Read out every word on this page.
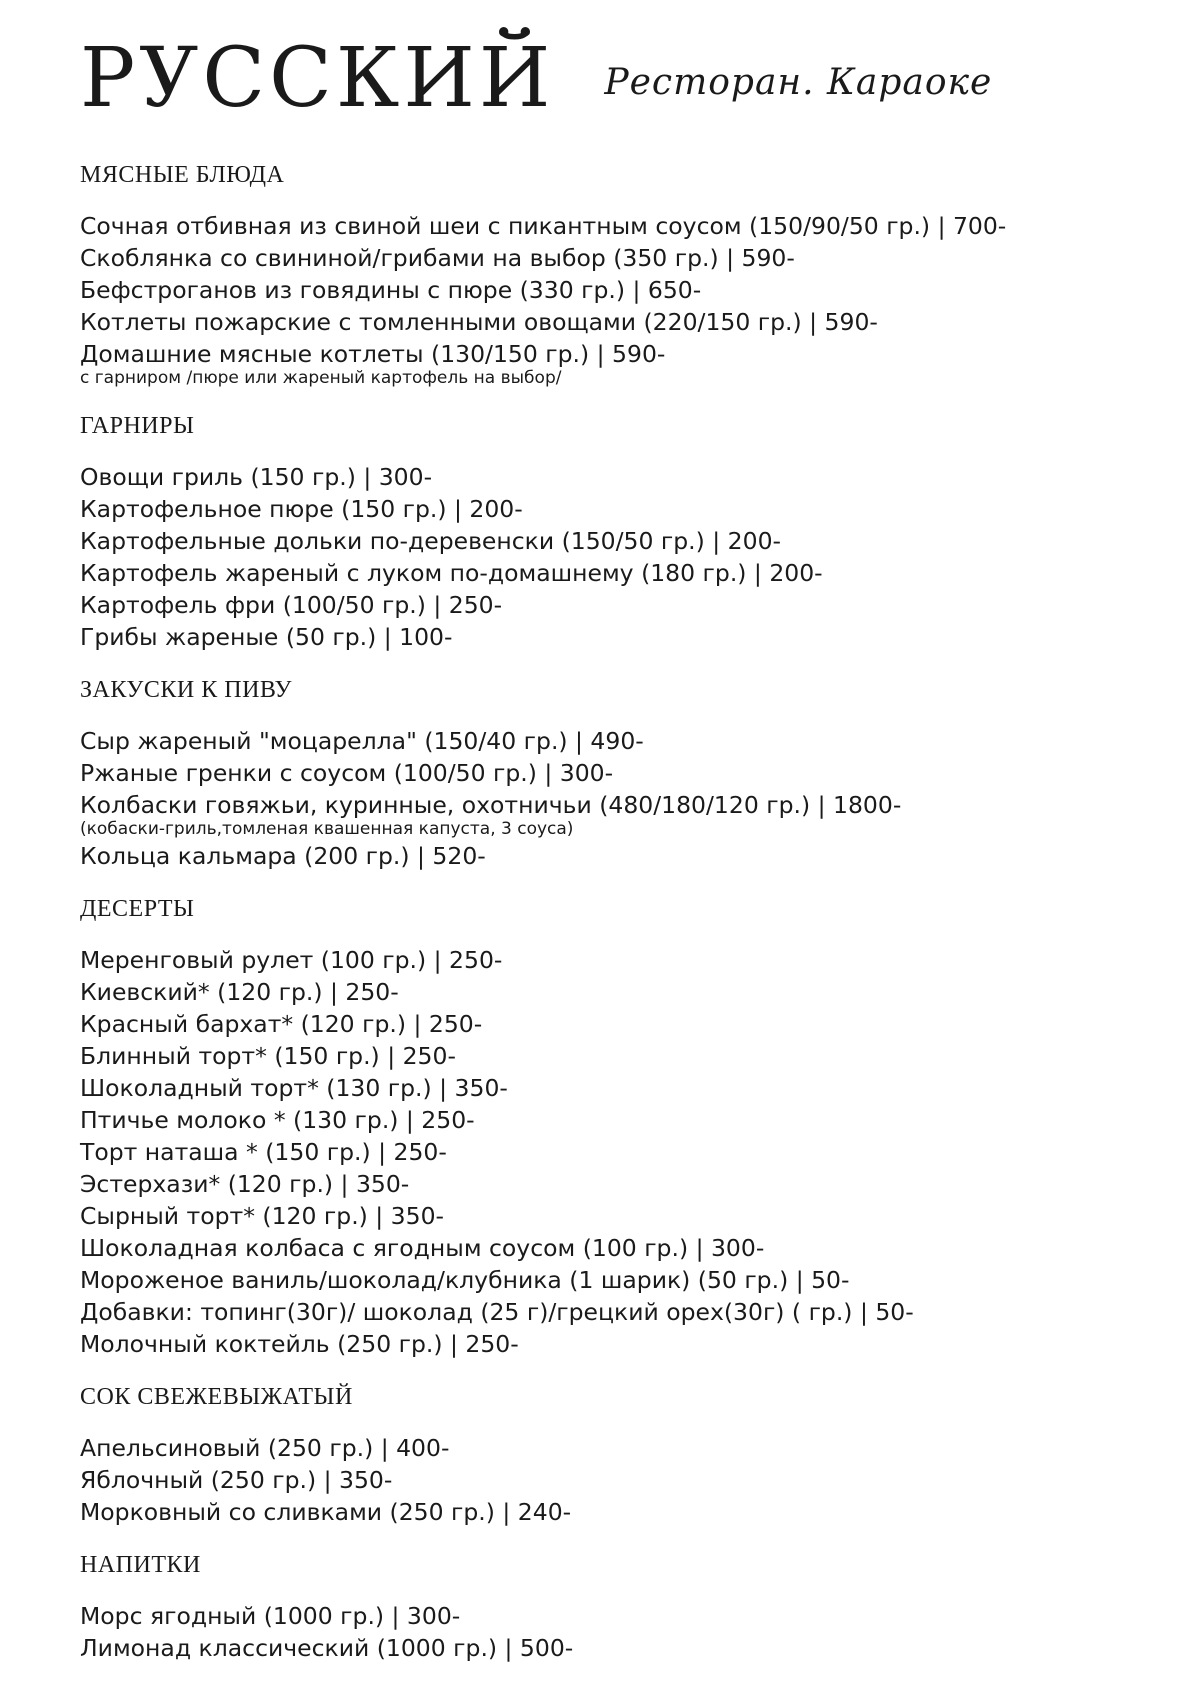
РУССКИЙ Ресторан. Караоке
МЯСНЫЕ БЛЮДА
Сочная отбивная из свиной шеи с пикантным соусом (150/90/50 гр.) | 700-
Скоблянка со свининой/грибами на выбор (350 гр.) | 590-
Бефстроганов из говядины с пюре (330 гр.) | 650-
Котлеты пожарские с томленными овощами (220/150 гр.) | 590-
Домашние мясные котлеты (130/150 гр.) | 590-
с гарниром /пюре или жареный картофель на выбор/
ГАРНИРЫ
Овощи гриль (150 гр.) | 300-
Картофельное пюре (150 гр.) | 200-
Картофельные дольки по-деревенски (150/50 гр.) | 200-
Картофель жареный с луком по-домашнему (180 гр.) | 200-
Картофель фри (100/50 гр.) | 250-
Грибы жареные (50 гр.) | 100-
ЗАКУСКИ К ПИВУ
Сыр жареный "моцарелла" (150/40 гр.) | 490-
Ржаные гренки с соусом (100/50 гр.) | 300-
Колбаски говяжьи, куринные, охотничьи (480/180/120 гр.) | 1800-
(кобаски-гриль,томленая квашенная капуста, 3 соуса)
Кольца кальмара (200 гр.) | 520-
ДЕСЕРТЫ
Меренговый рулет (100 гр.) | 250-
Киевский* (120 гр.) | 250-
Красный бархат* (120 гр.) | 250-
Блинный торт* (150 гр.) | 250-
Шоколадный торт* (130 гр.) | 350-
Птичье молоко * (130 гр.) | 250-
Торт наташа * (150 гр.) | 250-
Эстерхази* (120 гр.) | 350-
Сырный торт* (120 гр.) | 350-
Шоколадная колбаса с ягодным соусом (100 гр.) | 300-
Мороженое ваниль/шоколад/клубника (1 шарик) (50 гр.) | 50-
Добавки: топинг(30г)/ шоколад (25 г)/грецкий орех(30г) ( гр.) | 50-
Молочный коктейль (250 гр.) | 250-
СОК СВЕЖЕВЫЖАТЫЙ
Апельсиновый (250 гр.) | 400-
Яблочный (250 гр.) | 350-
Морковный со сливками (250 гр.) | 240-
НАПИТКИ
Морс ягодный (1000 гр.) | 300-
Лимонад классический (1000 гр.) | 500-
